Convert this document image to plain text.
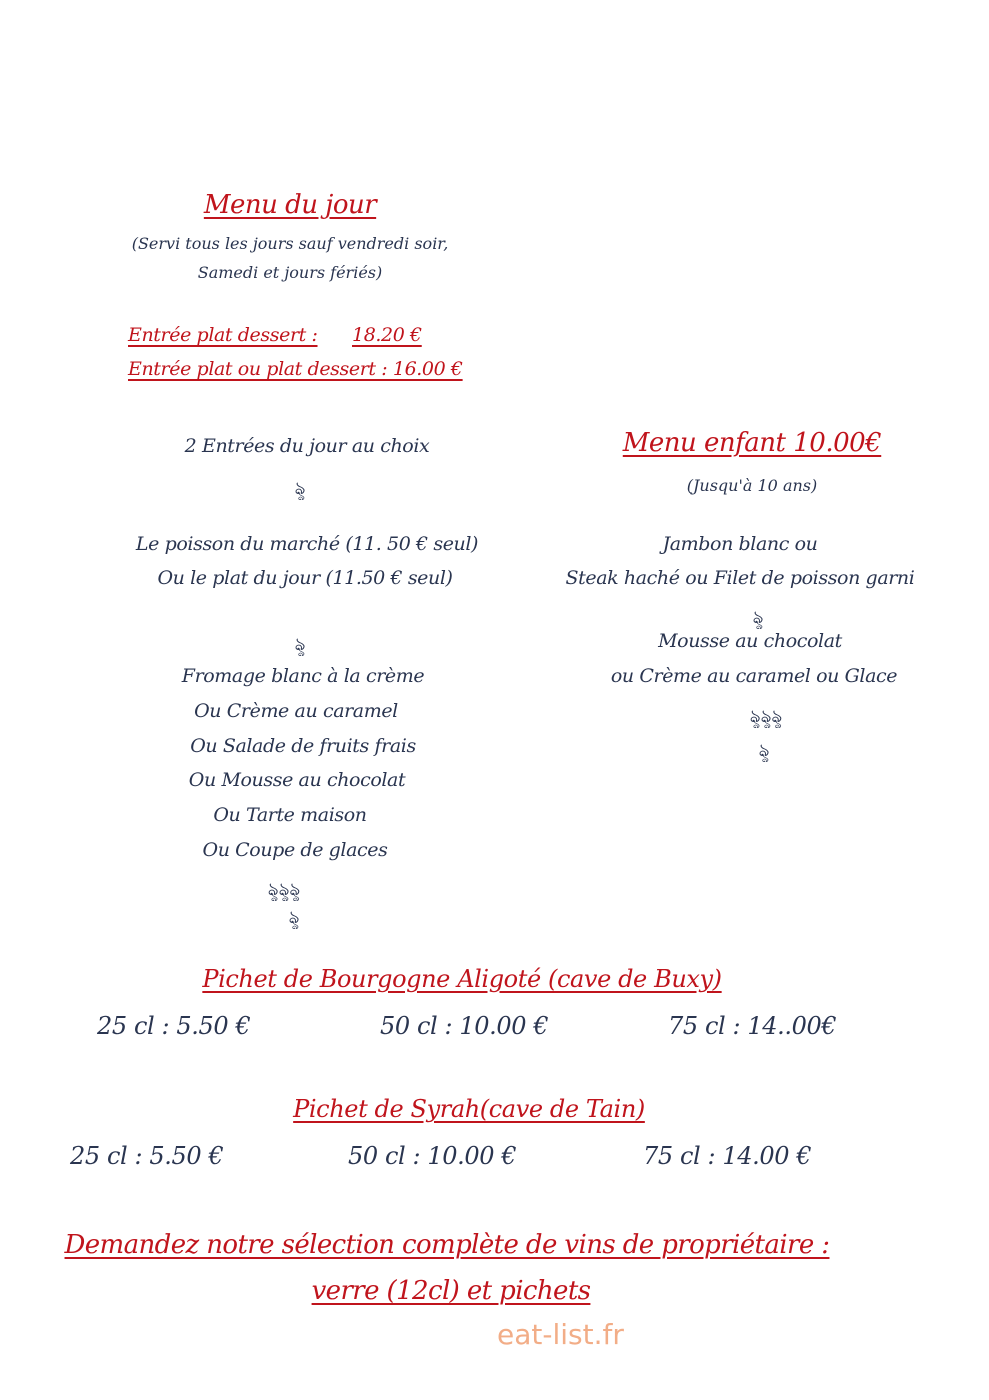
Menu du jour
(Servi tous les jours sauf vendredi soir,
Samedi et jours fériés)
Entrée plat dessert : 18.20 €
Entrée plat ou plat dessert : 16.00 €
2 Entrées du jour au choix
ৡ
Le poisson du marché (11. 50 € seul)
Ou le plat du jour (11.50 € seul)
ৡ
Fromage blanc à la crème
Ou Crème au caramel
Ou Salade de fruits frais
Ou Mousse au chocolat
Ou Tarte maison
Ou Coupe de glaces
ৡৡৡ
ৡ
Menu enfant 10.00€
(Jusqu'à 10 ans)
Jambon blanc ou
Steak haché ou Filet de poisson garni
ৡ
Mousse au chocolat
ou Crème au caramel ou Glace
ৡৡৡ
ৡ
Pichet de Bourgogne Aligoté (cave de Buxy)
25 cl : 5.50 €	50 cl : 10.00 €	75 cl : 14..00€
Pichet de Syrah(cave de Tain)
25 cl : 5.50 €	50 cl : 10.00 €	75 cl : 14.00 €
Demandez notre sélection complète de vins de propriétaire :
verre (12cl) et pichets
eat-list.fr
